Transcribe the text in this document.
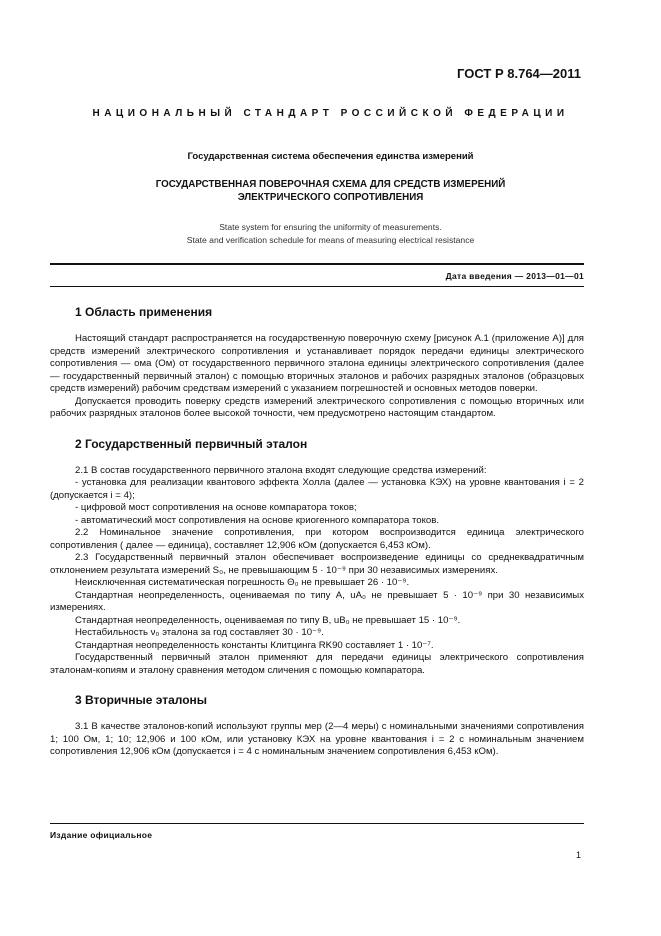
ГОСТ Р 8.764—2011
НАЦИОНАЛЬНЫЙ СТАНДАРТ РОССИЙСКОЙ ФЕДЕРАЦИИ
Государственная система обеспечения единства измерений
ГОСУДАРСТВЕННАЯ ПОВЕРОЧНАЯ СХЕМА ДЛЯ СРЕДСТВ ИЗМЕРЕНИЙ
ЭЛЕКТРИЧЕСКОГО СОПРОТИВЛЕНИЯ
State system for ensuring the uniformity of measurements.
State and verification schedule for means of measuring electrical resistance
Дата введения — 2013—01—01
1 Область применения

Настоящий стандарт распространяется на государственную поверочную схему [рисунок А.1 (приложение А)] для средств измерений электрического сопротивления и устанавливает порядок передачи единицы электрического сопротивления — ома (Ом) от государственного первичного эталона единицы электрического сопротивления (далее — государственный первичный эталон) с помощью вторичных эталонов и рабочих разрядных эталонов (образцовых средств измерений) рабочим средствам измерений с указанием погрешностей и основных методов поверки.

Допускается проводить поверку средств измерений электрического сопротивления с помощью вторичных или рабочих разрядных эталонов более высокой точности, чем предусмотрено настоящим стандартом.

2 Государственный первичный эталон

2.1 В состав государственного первичного эталона входят следующие средства измерений:

- установка для реализации квантового эффекта Холла (далее — установка КЭХ) на уровне квантования i = 2 (допускается i = 4);

- цифровой мост сопротивления на основе компаратора токов;

- автоматический мост сопротивления на основе криогенного компаратора токов.

2.2 Номинальное значение сопротивления, при котором воспроизводится единица электрического сопротивления ( далее — единица), составляет 12,906 кОм (допускается 6,453 кОм).

2.3 Государственный первичный эталон обеспечивает воспроизведение единицы со среднеквадратичным отклонением результата измерений S₀, не превышающим 5 · 10⁻⁹ при 30 независимых измерениях.

Неисключенная систематическая погрешность Θ₀ не превышает 26 · 10⁻⁹.

Стандартная неопределенность, оцениваемая по типу А, uA₀ не превышает 5 · 10⁻⁹ при 30 независимых измерениях.

Стандартная неопределенность, оцениваемая по типу В, uB₀ не превышает 15 · 10⁻⁹.

Нестабильность ν₀ эталона за год составляет 30 · 10⁻⁹.

Стандартная неопределенность константы Клитцинга RK90 составляет 1 · 10⁻⁷.

Государственный первичный эталон применяют для передачи единицы электрического сопротивления эталонам-копиям и эталону сравнения методом сличения с помощью компаратора.

3 Вторичные эталоны

3.1 В качестве эталонов-копий используют группы мер (2—4 меры) с номинальными значениями сопротивления 1; 100 Ом, 1; 10; 12,906 и 100 кОм, или установку КЭХ на уровне квантования i = 2 с номинальным значением сопротивления 12,906 кОм (допускается i = 4 с номинальным значением сопротивления 6,453 кОм).

Издание официальное
1
